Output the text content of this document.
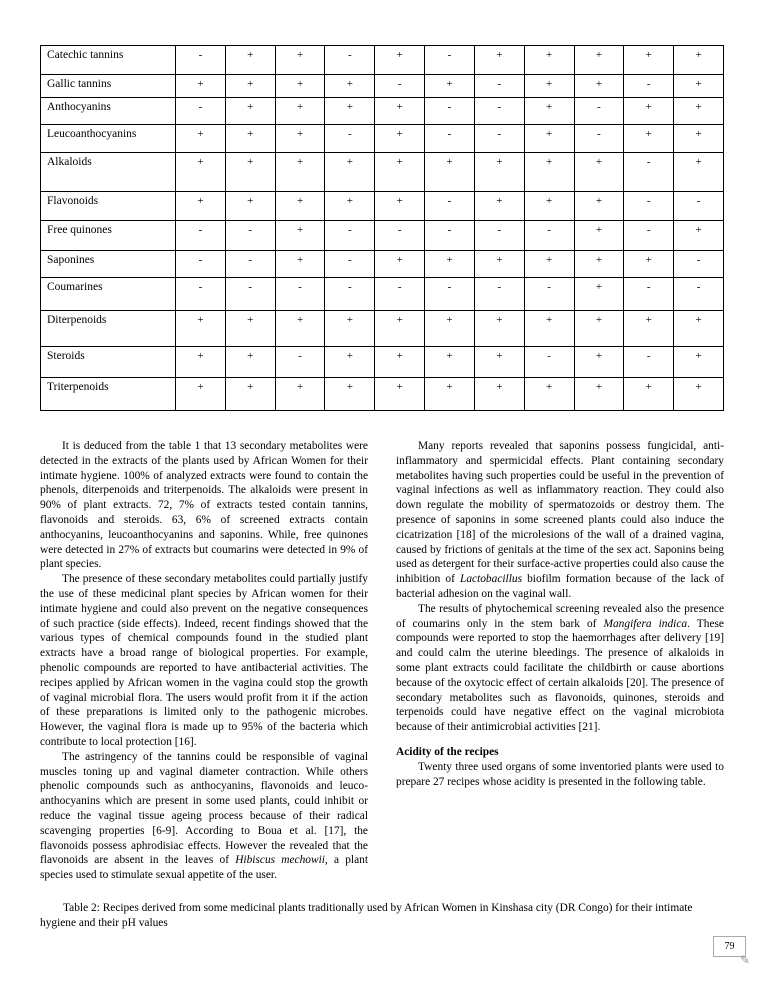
Catechic tannins	-	+	+	-	+	-	+	+	+	+	+
Gallic tannins	+	+	+	+	-	+	-	+	+	-	+
Anthocyanins	-	+	+	+	+	-	-	+	-	+	+
Leucoanthocyanins	+	+	+	-	+	-	-	+	-	+	+
Alkaloids	+	+	+	+	+	+	+	+	+	-	+
Flavonoids	+	+	+	+	+	-	+	+	+	-	-
Free quinones	-	-	+	-	-	-	-	-	+	-	+
Saponines	-	-	+	-	+	+	+	+	+	+	-
Coumarines	-	-	-	-	-	-	-	-	+	-	-
Diterpenoids	+	+	+	+	+	+	+	+	+	+	+
Steroids	+	+	-	+	+	+	+	-	+	-	+
Triterpenoids	+	+	+	+	+	+	+	+	+	+	+

It is deduced from the table 1 that 13 secondary metabolites were detected in the extracts of the plants used by African Women for their intimate hygiene. 100% of analyzed extracts were found to contain the phenols, diterpenoids and triterpenoids. The alkaloids were present in 90% of plant extracts. 72, 7% of extracts tested contain tannins, flavonoids and steroids. 63, 6% of screened extracts contain anthocyanins, leucoanthocyanins and saponins. While, free quinones were detected in 27% of extracts but coumarins were detected in 9% of plant species.

The presence of these secondary metabolites could partially justify the use of these medicinal plant species by African women for their intimate hygiene and could also prevent on the negative consequences of such practice (side effects). Indeed, recent findings showed that the various types of chemical compounds found in the studied plant extracts have a broad range of biological properties. For example, phenolic compounds are reported to have antibacterial activities. The recipes applied by African women in the vagina could stop the growth of vaginal microbial flora. The users would profit from it if the action of these preparations is limited only to the pathogenic microbes. However, the vaginal flora is made up to 95% of the bacteria which contribute to local protection [16].

The astringency of the tannins could be responsible of vaginal muscles toning up and vaginal diameter contraction. While others phenolic compounds such as anthocyanins, flavonoids and leuco-anthocyanins which are present in some used plants, could inhibit or reduce the vaginal tissue ageing process because of their radical scavenging properties [6-9]. According to Boua et al. [17], the flavonoids possess aphrodisiac effects. However the revealed that the flavonoids are absent in the leaves of Hibiscus mechowii, a plant species used to stimulate sexual appetite of the user.

Many reports revealed that saponins possess fungicidal, anti-inflammatory and spermicidal effects. Plant containing secondary metabolites having such properties could be useful in the prevention of vaginal infections as well as inflammatory reaction. They could also down regulate the mobility of spermatozoids or destroy them. The presence of saponins in some screened plants could also induce the cicatrization [18] of the microlesions of the wall of a drained vagina, caused by frictions of genitals at the time of the sex act. Saponins being used as detergent for their surface-active properties could also cause the inhibition of Lactobacillus biofilm formation because of the lack of bacterial adhesion on the vaginal wall.

The results of phytochemical screening revealed also the presence of coumarins only in the stem bark of Mangifera indica. These compounds were reported to stop the haemorrhages after delivery [19] and could calm the uterine bleedings. The presence of alkaloids in some plant extracts could facilitate the childbirth or cause abortions because of the oxytocic effect of certain alkaloids [20]. The presence of secondary metabolites such as flavonoids, quinones, steroids and terpenoids could have negative effect on the vaginal microbiota because of their antimicrobial activities [21].

Acidity of the recipes

Twenty three used organs of some inventoried plants were used to prepare 27 recipes whose acidity is presented in the following table.

Table 2: Recipes derived from some medicinal plants traditionally used by African Women in Kinshasa city (DR Congo) for their intimate hygiene and their pH values

79
✎
